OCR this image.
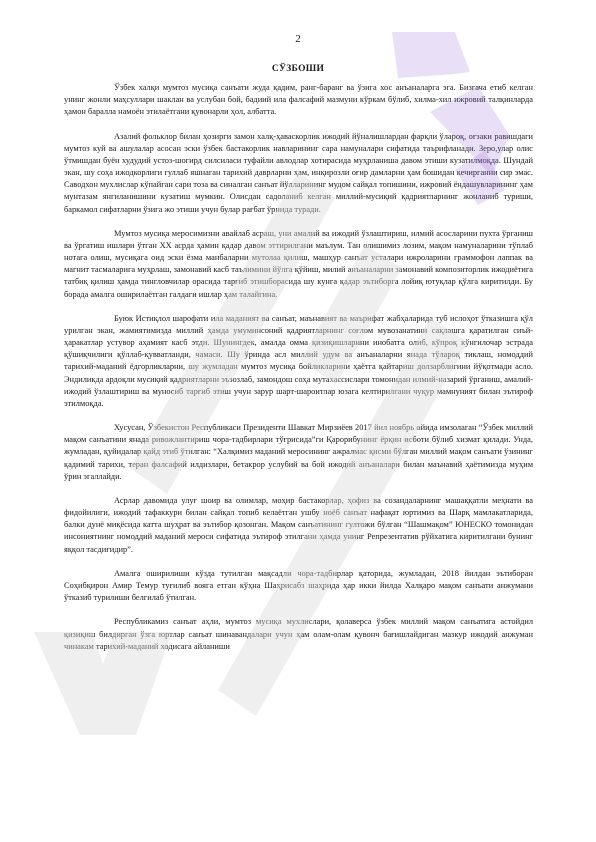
2
СЎЗБОШИ

Ўзбек халқи мумтоз мусиқа санъати жуда қадим, ранг-баранг ва ўзига хос анъаналарга эга. Бизгача етиб келган унинг жонли маҳсуллари шаклан ва услубан бой, бадиий ила фалсафий мазмуни кўркам бўлиб, хилма-хил ижровий талқинларда ҳамон баралла намоён этилаётгани қувонарли ҳол, албатта.

Азалий фольклор билан ҳозирги замон халқ-ҳаваскорлик ижодий йўналишлардан фарқли ўлароқ, оғзаки равишдаги мумтоз куй ва ашулалар асосан эски ўзбек бастакорлик навларининг сара намуналари сифатида таърифланади. Зеро,улар олис ўтмишдан буён худудий устоз-шогирд силсиласи туфайли авлодлар хотирасида муҳрланиша давом этиши кузатилмоқда. Шундай экан, шу соҳа ижодкорлиги гуллаб яшнаган тарихий даврларни ҳам, инқирозли оғир дамларни ҳам бошидан кечирганни сир эмас. Саводхон мухлислар кўпайган сари тоза ва синалган санъат йўлларининг мудом сайқал топишини, ижровий ёндашувларининг ҳам мунтазам янгиланишини кузатиш мумкин. Олисдан садоланиб келган миллий-мусиқий қадриятларнинг жонланиб туриши, баркамол сифатларни ўзига жо этиши учун булар рағбат ўрнида туради.

Мумтоз мусиқа меросимизни авайлаб асраш, уни амалий ва ижодий ўзлаштириш, илмий асосларини пухта ўрганиш ва ўргатиш ишлари ўтган XX асрда ҳамин қадар давом эттирилгани маълум. Тан олишимиз лозим, мақом намуналарини тўплаб нотага олиш, мусиқага оид эски ёзма манбаларни мутолаа қилиш, машҳур санъат усталари ижроларини граммофон лаппак ва магнит тасмаларига муҳрлаш, замонавий касб таълимини йўлга қўйиш, милий анъаналарни замонавий композиторлик ижодиётига татбиқ қилиш ҳамда тингловчилар орасида тарғиб этишборасида шу кунга қадар эътиборга лойиқ ютуқлар қўлга киритилди. Бу борада амалга оширилаётган галдаги ишлар ҳам талайгина.

Буюк Истиқлол шарофати ила маданият ва санъат, маънавият ва маърифат жабҳаларида туб ислоҳот ўтказишга қўл урилган экан, жамиятимизда миллий ҳамда умуминсоний қадриятларнинг соғлом мувозанатини сақлашга қаратилган сиъй-ҳаракатлар устувор аҳамият касб этди. Шунингдек, амалда омма қизиқишларини инобатга олиб, кўпроқ кўнгилочар эстрада қўшиқчилиги қўллаб-қувватланди, чамаси. Шу ўринда асл миллий удум ва анъаналарни янада тўлароқ тиклаш, номоддий тарихий-маданий ёдгорликларни, шу жумладан мумтоз мусиқа бойликларини ҳаётга қайтариш долзарблигини йўқотмади асло. Эндиликда ардоқли мусиқий қадриятларни эъзозлаб, замондош соҳа мутахассислари томонидан илмий-назарий ўрганиш, амалий-ижодий ўзлаштириш ва муносиб тарғиб этиш учун зарур шарт-шароитлар юзага келтирилгани чуқур мамнуният билан эътироф этилмоқда.

Хусусан, Ўзбекистон Республикаси Президенти Шавкат Мирзиёев 2017 йил ноябрь ойида имзолаган “Ўзбек миллий мақом санъатини янада ривожлантириш чора-тадбирлари тўғрисида”ги Қарорибунинг ёрқин исботи бўлиб хизмат қилади. Унда, жумладан, қуйидалар қайд этиб ўтилган: “Халқимиз маданий меросининг ажралмас қисми бўлган миллий мақом санъати ўзининг қадимий тарихи, теран фалсафий илдизлари, бетакрор услубий ва бой ижодий анъаналари билан маънавий ҳаётимизда муҳим ўрин эгаллайди.

Асрлар давомида улуғ шоир ва олимлар, моҳир бастакорлар, ҳофиз ва созандаларнинг машаққатли меҳнати ва фидойилиги, ижодий тафаккури билан сайқал топиб келаётган ушбу ноёб санъат нафақат юртимиз ва Шарқ мамлакатларида, балки дунё миқёсида катта шуҳрат ва эътибор қозонган. Мақом санъатининг гултожи бўлган “Шашмақом” ЮНЕСКО томонидан инсониятнинг номоддий маданий мероси сифатида эътироф этилгани ҳамда унинг Репрезентатив рўйхатига киритилгани бунинг яққол тасдиғидир”.

Амалга оширилиши кўзда тутилган мақсадли чора-тадбирлар қаторида, жумладан, 2018 йилдан эътиборан Соҳибқирон Амир Темур туғилиб вояга етган кўҳна Шаҳрисабз шаҳрида ҳар икки йилда Халқаро мақом санъати анжумани ўтказиб турилиши белгилаб ўтилган.

Республикамиз санъат аҳли, мумтоз мусиқа мухлислари, қолаверса ўзбек миллий мақом санъатига астойдил қизиқиш билдирган ўзга юртлар санъат шинавандалари учун ҳам олам-олам қувонч бағишлайдиган мазкур ижодий анжуман чинакам тарихий-маданий ходисага айланиши
